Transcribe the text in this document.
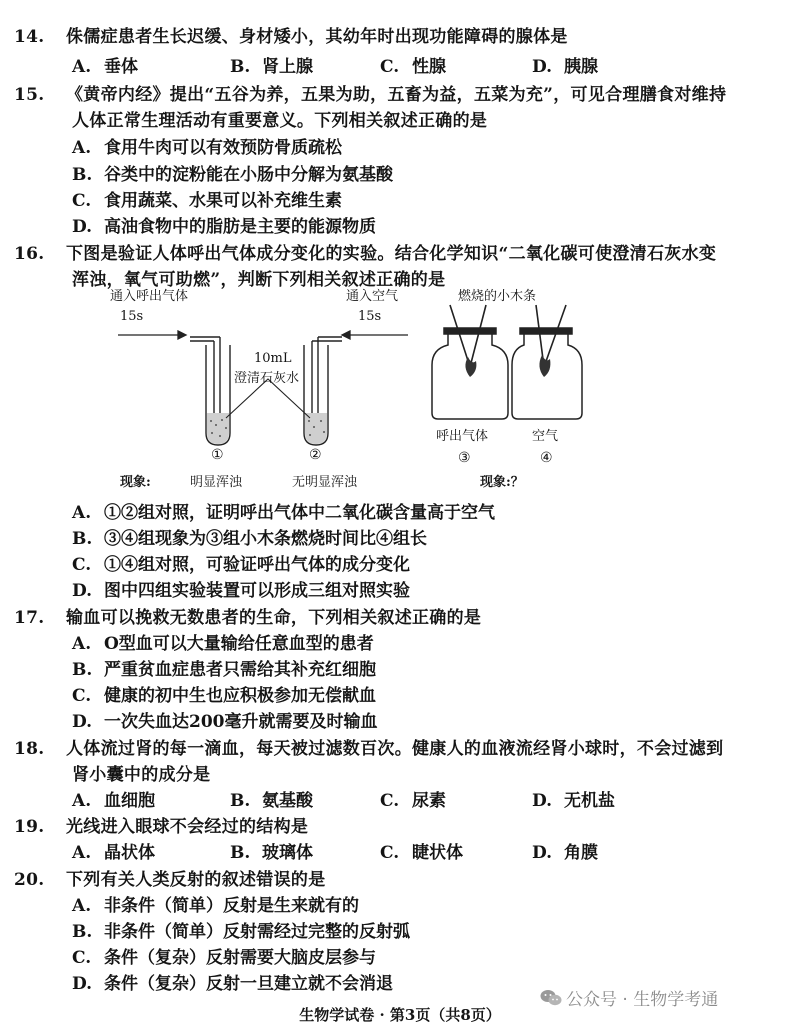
14. 侏儒症患者生长迟缓、身材矮小，其幼年时出现功能障碍的腺体是
A. 垂体	B. 肾上腺	C. 性腺	D. 胰腺
15. 《黄帝内经》提出“五谷为养，五果为助，五畜为益，五菜为充”，可见合理膳食对维持
人体正常生理活动有重要意义。下列相关叙述正确的是
A. 食用牛肉可以有效预防骨质疏松
B. 谷类中的淀粉能在小肠中分解为氨基酸
C. 食用蔬菜、水果可以补充维生素
D. 高油食物中的脂肪是主要的能源物质
16. 下图是验证人体呼出气体成分变化的实验。结合化学知识“二氧化碳可使澄清石灰水变
浑浊，氧气可助燃”，判断下列相关叙述正确的是
通入呼出气体
15s
通入空气
15s
10mL
澄清石灰水
燃烧的小木条
①	②
呼出气体	空气
③	④
现象:	明显浑浊	无明显浑浊	现象:？
A. ①②组对照，证明呼出气体中二氧化碳含量高于空气
B. ③④组现象为③组小木条燃烧时间比④组长
C. ①④组对照，可验证呼出气体的成分变化
D. 图中四组实验装置可以形成三组对照实验
17. 输血可以挽救无数患者的生命，下列相关叙述正确的是
A. O型血可以大量输给任意血型的患者
B. 严重贫血症患者只需给其补充红细胞
C. 健康的初中生也应积极参加无偿献血
D. 一次失血达200毫升就需要及时输血
18. 人体流过肾的每一滴血，每天被过滤数百次。健康人的血液流经肾小球时，不会过滤到
肾小囊中的成分是
A. 血细胞	B. 氨基酸	C. 尿素	D. 无机盐
19. 光线进入眼球不会经过的结构是
A. 晶状体	B. 玻璃体	C. 睫状体	D. 角膜
20. 下列有关人类反射的叙述错误的是
A. 非条件（简单）反射是生来就有的
B. 非条件（简单）反射需经过完整的反射弧
C. 条件（复杂）反射需要大脑皮层参与
D. 条件（复杂）反射一旦建立就不会消退
公众号 · 生物学考通
生物学试卷 · 第3页（共8页）
